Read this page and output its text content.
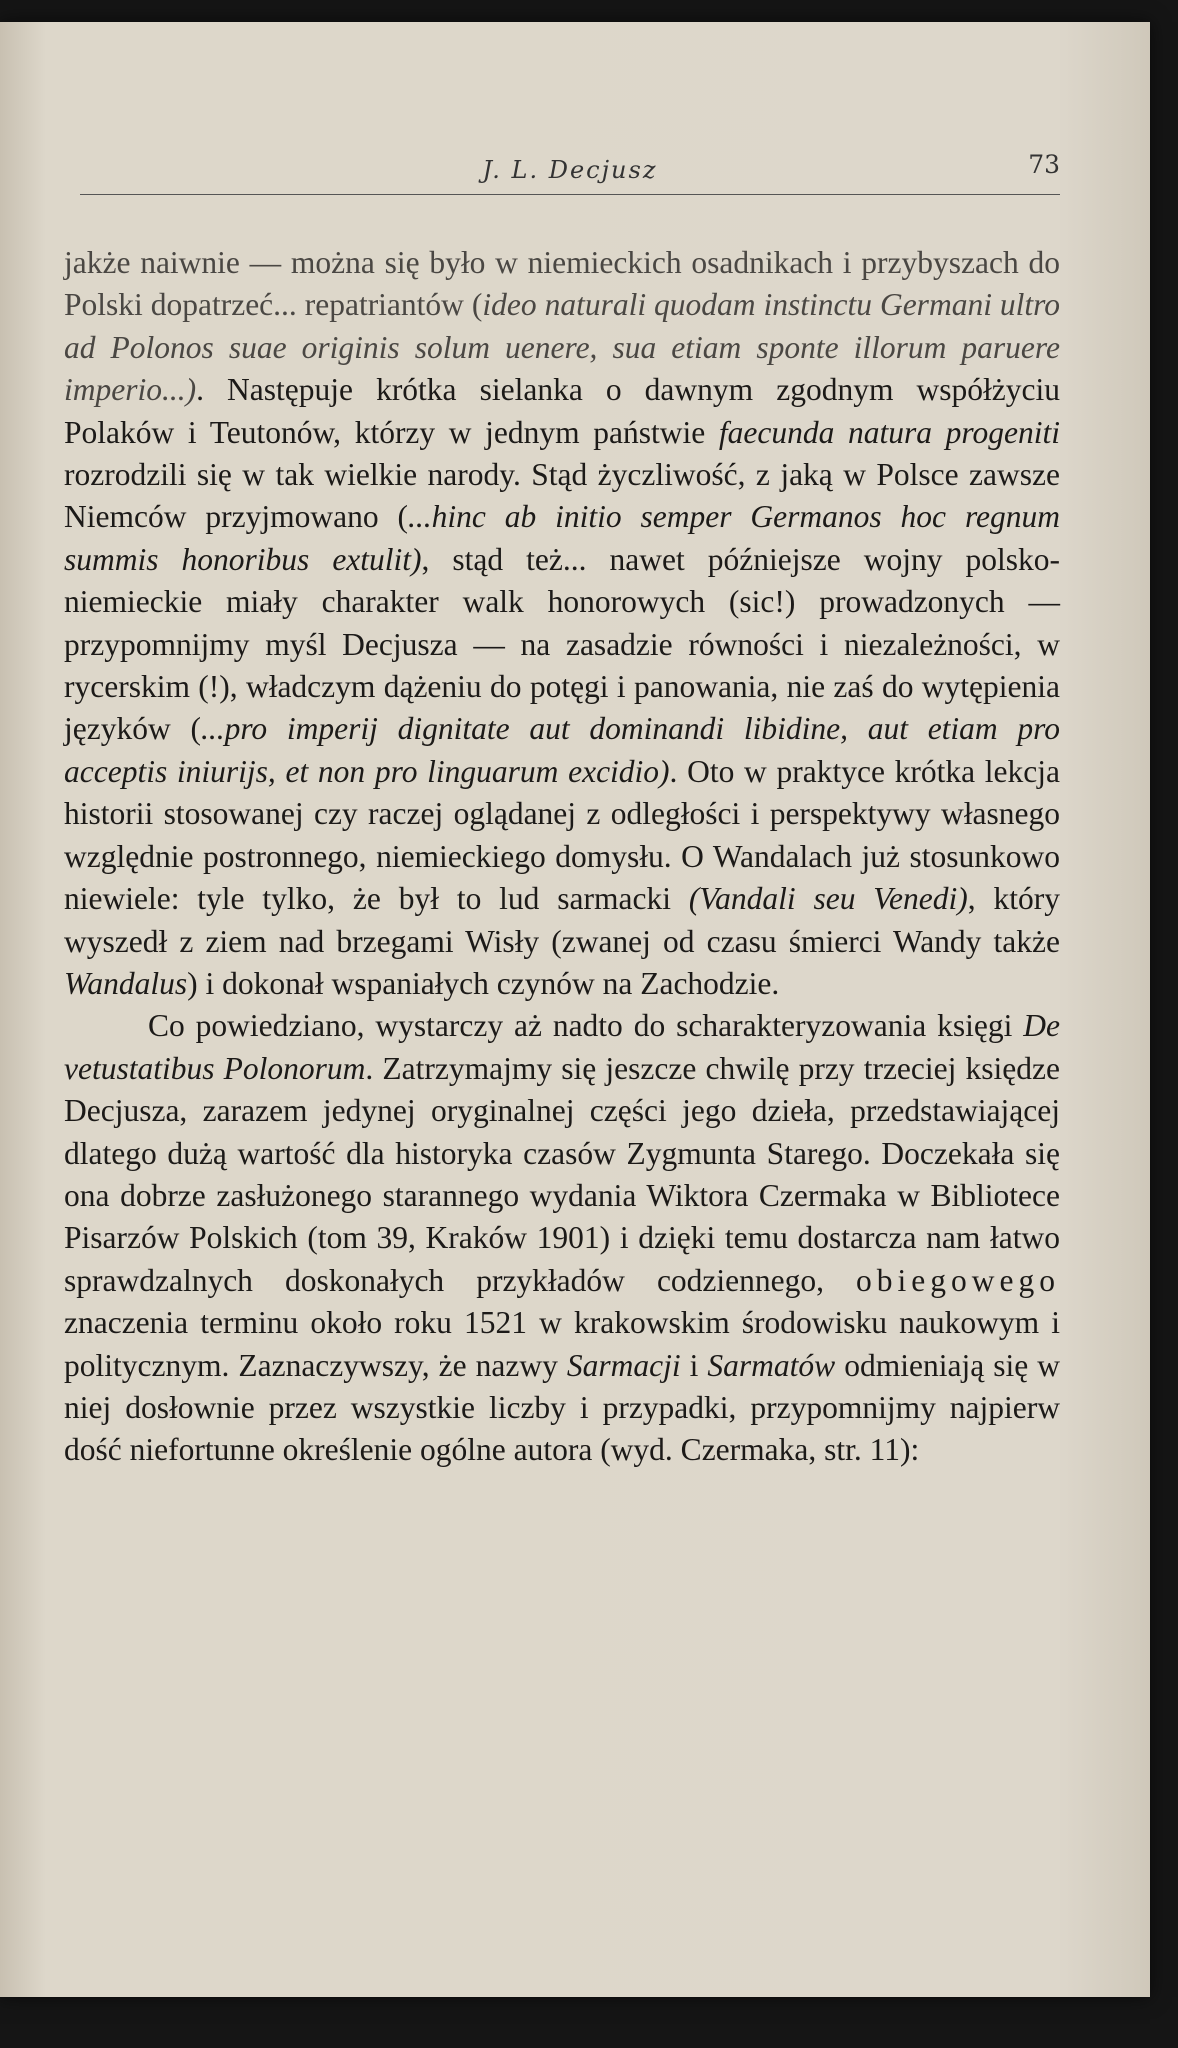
J. L. Decjusz	73

jakże naiwnie — można się było w niemieckich osadnikach i przybyszach do Polski dopatrzeć... repatriantów (ideo naturali quodam instinctu Germani ultro ad Polonos suae originis solum uenere, sua etiam sponte illorum paruere imperio...). Następuje krótka sielanka o dawnym zgodnym współżyciu Polaków i Teutonów, którzy w jednym państwie faecunda natura progeniti rozrodzili się w tak wielkie narody. Stąd życzliwość, z jaką w Polsce zawsze Niemców przyjmowano (...hinc ab initio semper Germanos hoc regnum summis honoribus extulit), stąd też... nawet późniejsze wojny polsko-niemieckie miały charakter walk honorowych (sic!) prowadzonych —przypomnijmy myśl Decjusza — na zasadzie równości i niezależności, w rycerskim (!), władczym dążeniu do potęgi i panowania, nie zaś do wytępienia języków (...pro imperij dignitate aut dominandi libidine, aut etiam pro acceptis iniurijs, et non pro linguarum excidio). Oto w praktyce krótka lekcja historii stosowanej czy raczej oglądanej z odległości i perspektywy własnego względnie postronnego, niemieckiego domysłu. O Wandalach już stosunkowo niewiele: tyle tylko, że był to lud sarmacki (Vandali seu Venedi), który wyszedł z ziem nad brzegami Wisły (zwanej od czasu śmierci Wandy także Wandalus) i dokonał wspaniałych czynów na Zachodzie.

Co powiedziano, wystarczy aż nadto do scharakteryzowania księgi De vetustatibus Polonorum. Zatrzymajmy się jeszcze chwilę przy trzeciej księdze Decjusza, zarazem jedynej oryginalnej części jego dzieła, przedstawiającej dlatego dużą wartość dla historyka czasów Zygmunta Starego. Doczekała się ona dobrze zasłużonego starannego wydania Wiktora Czermaka w Bibliotece Pisarzów Polskich (tom 39, Kraków 1901) i dzięki temu dostarcza nam łatwo sprawdzalnych doskonałych przykładów codziennego, obiegowego znaczenia terminu około roku 1521 w krakowskim środowisku naukowym i politycznym. Zaznaczywszy, że nazwy Sarmacji i Sarmatów odmieniają się w niej dosłownie przez wszystkie liczby i przypadki, przypomnijmy najpierw dość niefortunne określenie ogólne autora (wyd. Czermaka, str. 11):
